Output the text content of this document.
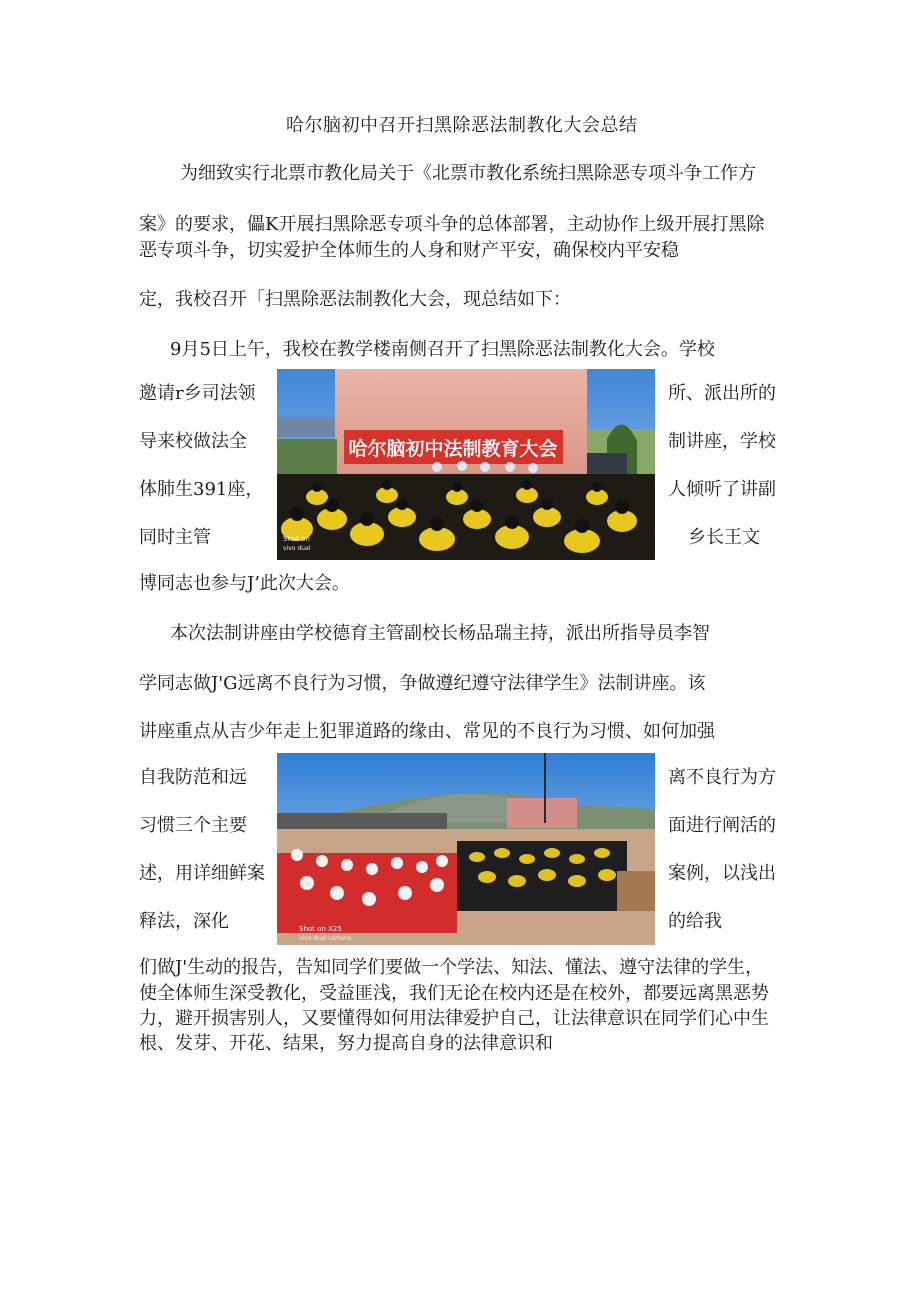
哈尔脑初中召开扫黑除恶法制教化大会总结
为细致实行北票市教化局关于《北票市教化系统扫黑除恶专项斗争工作方
案》的要求，儡K开展扫黑除恶专项斗争的总体部署，主动协作上级开展打黑除
恶专项斗争，切实爱护全体师生的人身和财产平安，确保校内平安稳
定，我校召开「扫黑除恶法制教化大会，现总结如下：
9月5日上午，我校在教学楼南侧召开了扫黑除恶法制教化大会。学校
邀请r乡司法领
导来校做法全
体肺生391座，
同时主管
所、派出所的
制讲座，学校
人倾听了讲副
乡长王文
哈尔脑初中法制教育大会
Shot on
vivo dual
博同志也参与J’此次大会。
本次法制讲座由学校德育主管副校长杨品瑞主持，派出所指导员李智
学同志做J'G远离不良行为习惯，争做遵纪遵守法律学生》法制讲座。该
讲座重点从吉少年走上犯罪道路的缘由、常见的不良行为习惯、如何加强
自我防范和远
习惯三个主要
述，用详细鲜案
释法，深化
离不良行为方
面进行阐活的
案例，以浅出
的给我
Shot on X25
vivo dual camera
们做J'生动的报告，告知同学们要做一个学法、知法、懂法、遵守法律的学生，
使全体师生深受教化，受益匪浅，我们无论在校内还是在校外，都要远离黑恶势
力，避开损害别人，又要懂得如何用法律爱护自己，让法律意识在同学们心中生
根、发芽、开花、结果，努力提高自身的法律意识和
